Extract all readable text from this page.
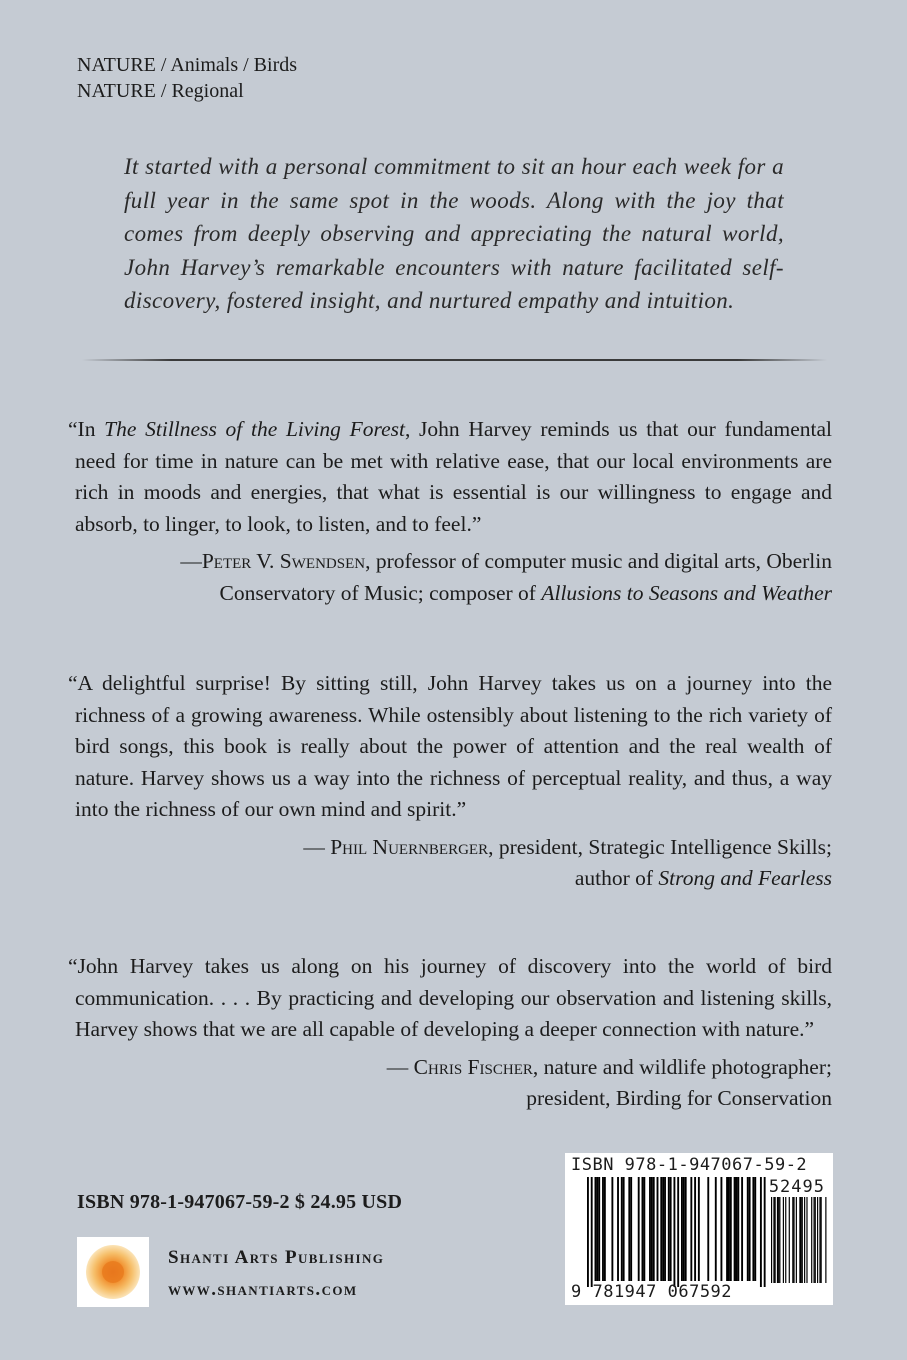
NATURE / Animals / Birds
NATURE / Regional
It started with a personal commitment to sit an hour each week for a full year in the same spot in the woods. Along with the joy that comes from deeply observing and appreciating the natural world, John Harvey’s remarkable encounters with nature facilitated self-discovery, fostered insight, and nurtured empathy and intuition.
“In The Stillness of the Living Forest, John Harvey reminds us that our fundamental need for time in nature can be met with relative ease, that our local environments are rich in moods and energies, that what is essential is our willingness to engage and absorb, to linger, to look, to listen, and to feel.”
—Peter V. Swendsen, professor of computer music and digital arts, Oberlin
Conservatory of Music; composer of Allusions to Seasons and Weather
“A delightful surprise! By sitting still, John Harvey takes us on a journey into the richness of a growing awareness. While ostensibly about listening to the rich variety of bird songs, this book is really about the power of attention and the real wealth of nature. Harvey shows us a way into the richness of perceptual reality, and thus, a way into the richness of our own mind and spirit.”
— Phil Nuernberger, president, Strategic Intelligence Skills;
author of Strong and Fearless
“John Harvey takes us along on his journey of discovery into the world of bird communication. . . . By practicing and developing our observation and listening skills, Harvey shows that we are all capable of developing a deeper connection with nature.”
— Chris Fischer, nature and wildlife photographer;
president, Birding for Conservation
ISBN 978-1-947067-59-2 $ 24.95 USD
Shanti Arts Publishing
www.shantiarts.com
ISBN 978-1-947067-59-2
52495
9 781947 067592
